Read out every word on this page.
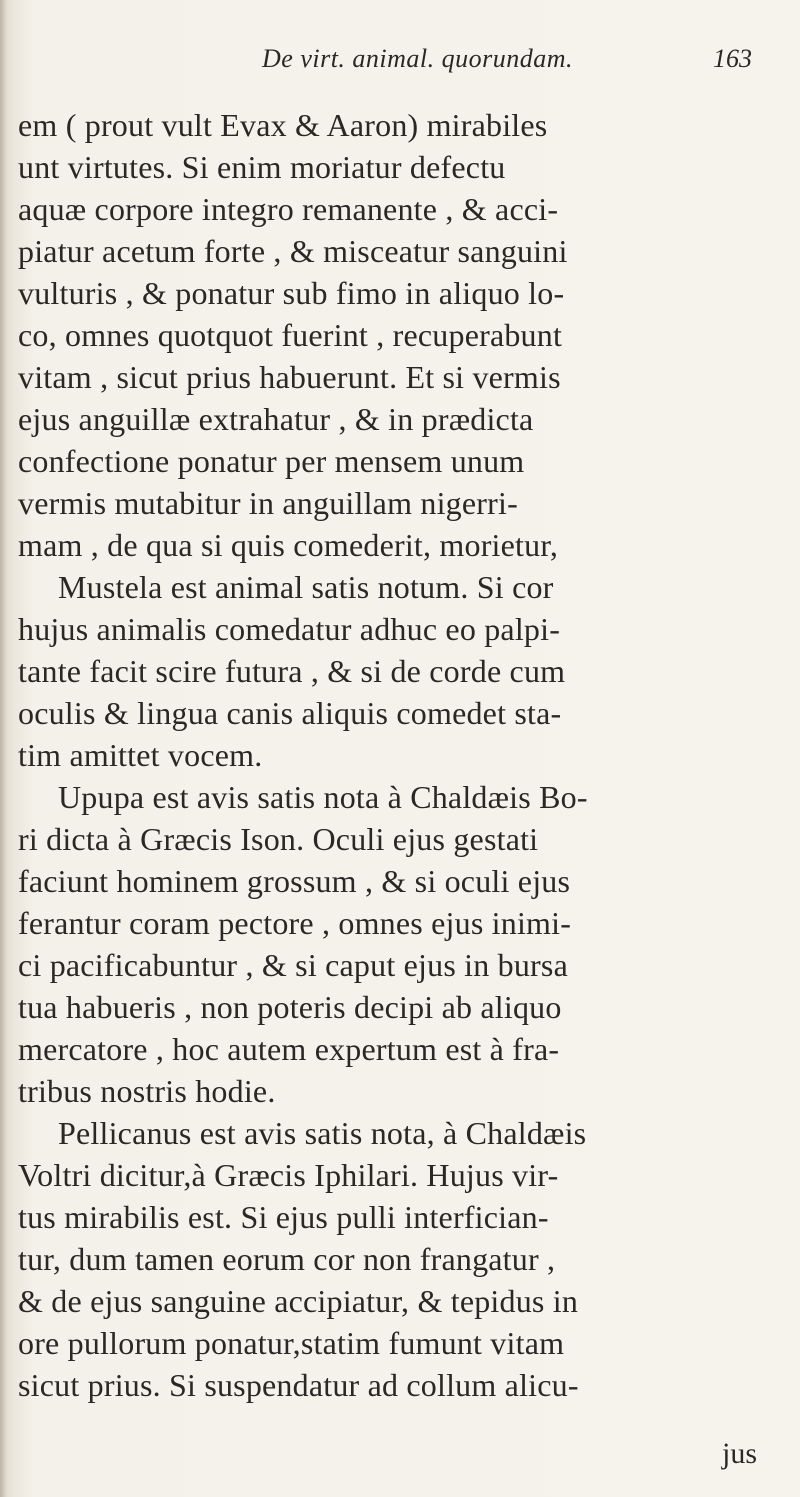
De virt. animal. quorundam.	163
em ( prout vult Evax & Aaron) mirabiles
unt virtutes. Si enim moriatur defectu
aquæ corpore integro remanente , & acci-
piatur acetum forte , & misceatur sanguini
vulturis , & ponatur sub fimo in aliquo lo-
co, omnes quotquot fuerint , recuperabunt
vitam , sicut prius habuerunt. Et si vermis
ejus anguillæ extrahatur , & in prædicta
confectione ponatur per mensem unum
vermis mutabitur in anguillam nigerri-
mam , de qua si quis comederit, morietur,
Mustela est animal satis notum. Si cor
hujus animalis comedatur adhuc eo palpi-
tante facit scire futura , & si de corde cum
oculis & lingua canis aliquis comedet sta-
tim amittet vocem.
Upupa est avis satis nota à Chaldæis Bo-
ri dicta à Græcis Ison. Oculi ejus gestati
faciunt hominem grossum , & si oculi ejus
ferantur coram pectore , omnes ejus inimi-
ci pacificabuntur , & si caput ejus in bursa
tua habueris , non poteris decipi ab aliquo
mercatore , hoc autem expertum est à fra-
tribus nostris hodie.
Pellicanus est avis satis nota, à Chaldæis
Voltri dicitur,à Græcis Iphilari. Hujus vir-
tus mirabilis est. Si ejus pulli interfician-
tur, dum tamen eorum cor non frangatur ,
& de ejus sanguine accipiatur, & tepidus in
ore pullorum ponatur,statim fumunt vitam
sicut prius. Si suspendatur ad collum alicu-
jus
